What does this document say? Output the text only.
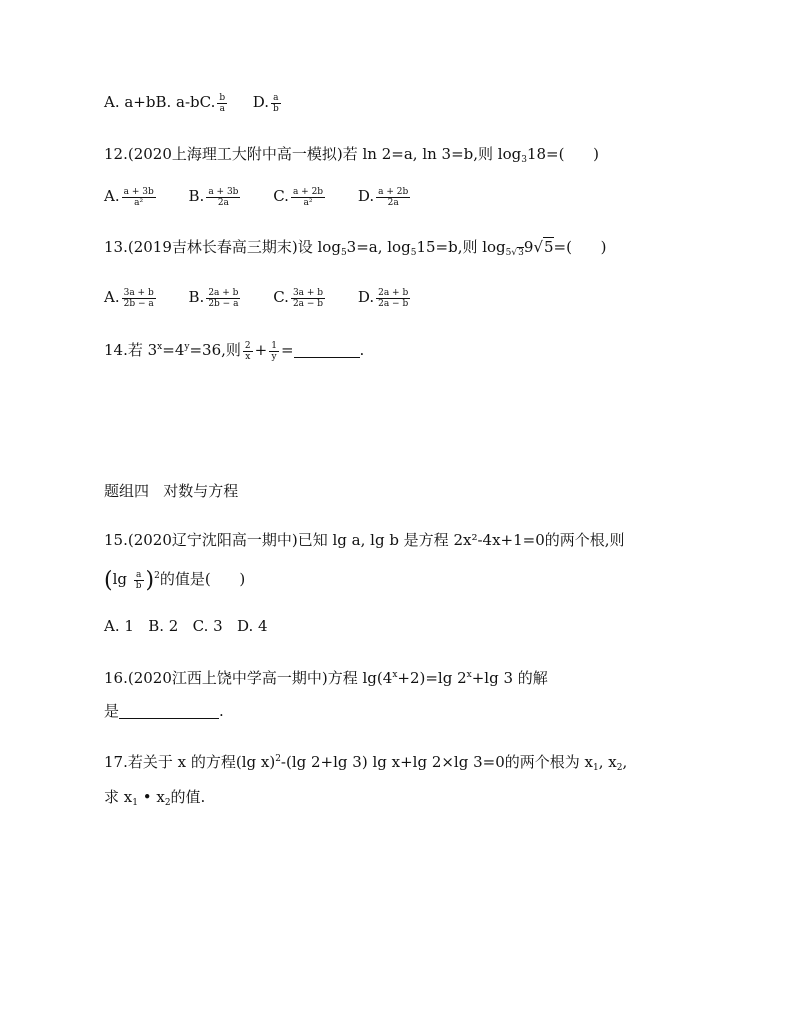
A. a+bB. a-bC. $\frac{b}{a} D$. $\frac{a}{b}$
12.(2020上海理工大附中高一模拟)若 ln 2=a, ln 3=b,则 $\log_318=$(      )
A. $\frac{a + 3b}{\text{a²}} B$. $\frac{a + 3b}{2a} C$. $\frac{a + 2b}{\text{a²}} D$. $\frac{a + 2b}{2a}$
13.(2019吉林长春高三期末)设 $\log_53=a$, $\log_515=b$,则 $\log_{5√3}9√5=$(      )
A. $\frac{3a + b}{2b - a} B$. $\frac{2a + b}{2b - a} C$. $\frac{3a + b}{2a - b} D$. $\frac{2a + b}{2a - b}$
14.若 $3^x=4^y=36$,则 $\frac{2}{x} + \frac{1}{y}$ =	.
题组四   对数与方程
15.(2020辽宁沈阳高一期中)已知 lg a, lg b 是方程 2x²-4x+1=0的两个根,则
$(\lg \frac{a}{b} )^2$的值是(      )
A. 1   B. 2   C. 3   D. 4
16.(2020江西上饶中学高一期中)方程 $\lg(4^x+2)=\lg$ $2^x+\lg$ 3 的解
是	.
17.若关于 x 的方程(lg x)$^2$-(lg 2+lg 3) lg x+lg 2×lg 3=0的两个根为 $x_1$, $x_2$,
求 $x_1$ • $x_2$的值.
